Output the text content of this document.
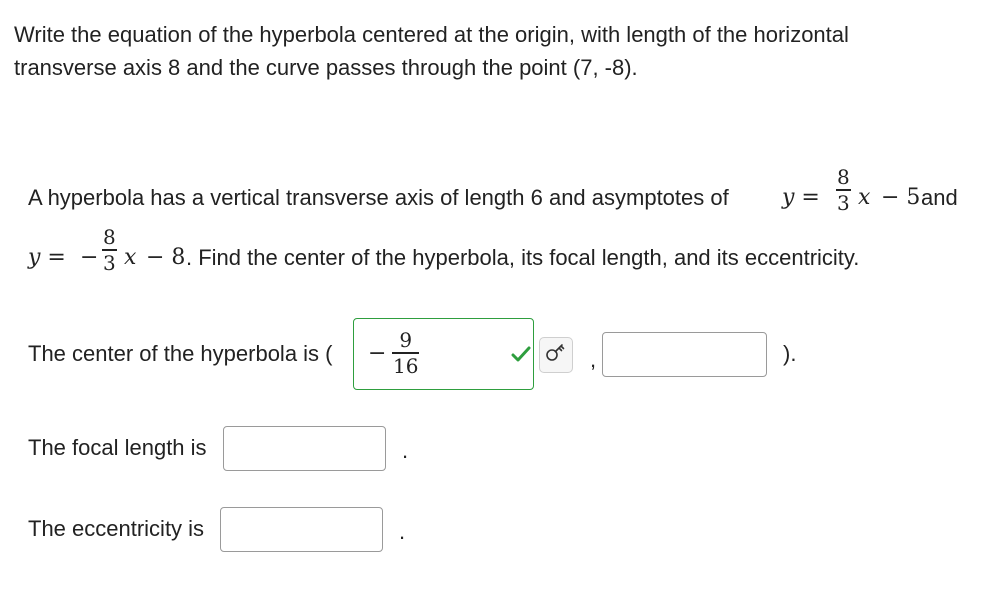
Write the equation of the hyperbola centered at the origin, with length of the horizontal
transverse axis 8 and the curve passes through the point (7, -8).
A hyperbola has a vertical transverse axis of length 6 and asymptotes of y =
8
3 x − 5 and
y = −
8
3 x − 8 . Find the center of the hyperbola, its focal length, and its eccentricity.
The center of the hyperbola is ( −
9
16	,	).
The focal length is	.
The eccentricity is	.
